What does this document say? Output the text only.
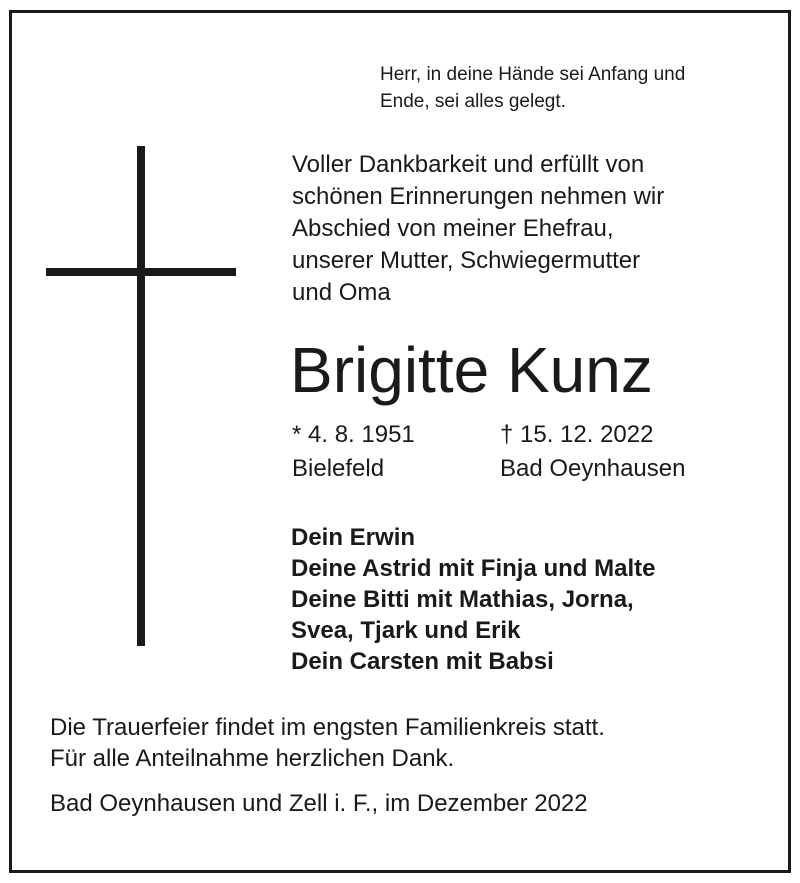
Herr, in deine Hände sei Anfang und
Ende, sei alles gelegt.
Voller Dankbarkeit und erfüllt von
schönen Erinnerungen nehmen wir
Abschied von meiner Ehefrau,
unserer Mutter, Schwiegermutter
und Oma
Brigitte Kunz
* 4. 8. 1951
Bielefeld
† 15. 12. 2022
Bad Oeynhausen
Dein Erwin
Deine Astrid mit Finja und Malte
Deine Bitti mit Mathias, Jorna,
Svea, Tjark und Erik
Dein Carsten mit Babsi
Die Trauerfeier findet im engsten Familienkreis statt.
Für alle Anteilnahme herzlichen Dank.
Bad Oeynhausen und Zell i. F., im Dezember 2022
